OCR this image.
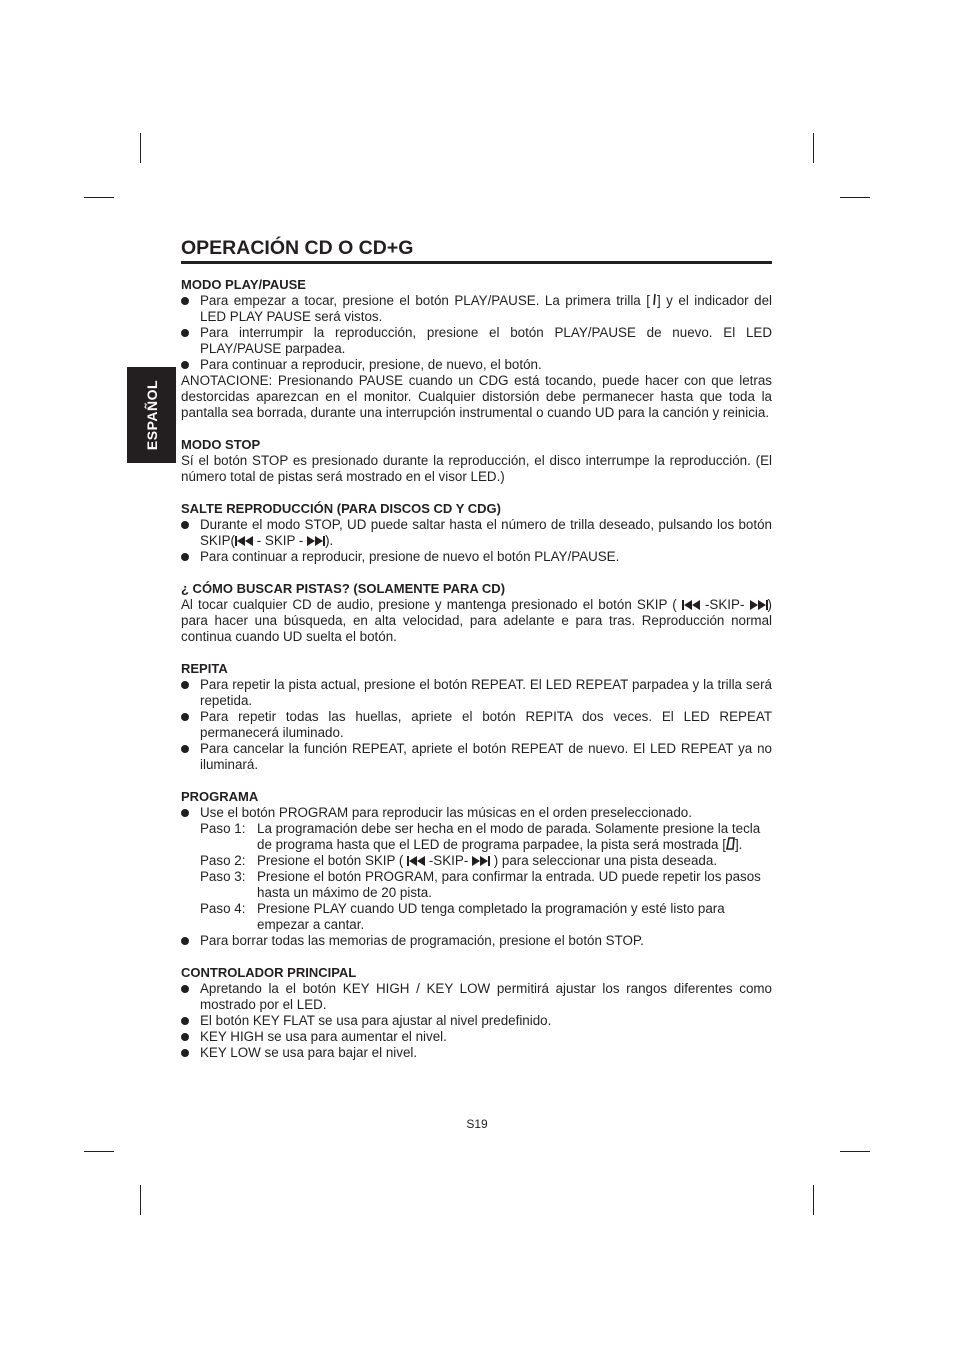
ESPAÑOL
OPERACIÓN CD O CD+G
MODO PLAY/PAUSE
Para empezar a tocar, presione el botón PLAY/PAUSE. La primera trilla [ ] y el indicador del LED PLAY PAUSE será vistos.
Para interrumpir la reproducción, presione el botón PLAY/PAUSE de nuevo. El LED PLAY/PAUSE parpadea.
Para continuar a reproducir, presione, de nuevo, el botón.

ANOTACIONE: Presionando PAUSE cuando un CDG está tocando, puede hacer con que letras destorcidas aparezcan en el monitor. Cualquier distorsión debe permanecer hasta que toda la pantalla sea borrada, durante una interrupción instrumental o cuando UD para la canción y reinicia.

MODO STOP

Sí el botón STOP es presionado durante la reproducción, el disco interrumpe la reproducción. (El número total de pistas será mostrado en el visor LED.)

SALTE REPRODUCCIÓN (PARA DISCOS CD Y CDG)
Durante el modo STOP, UD puede saltar hasta el número de trilla deseado, pulsando los botón SKIP( - SKIP - ).
Para continuar a reproducir, presione de nuevo el botón PLAY/PAUSE.
¿ CÓMO BUSCAR PISTAS? (SOLAMENTE PARA CD)

Al tocar cualquier CD de audio, presione y mantenga presionado el botón SKIP (  -SKIP- ) para hacer una búsqueda, en alta velocidad, para adelante e para tras. Reproducción normal continua cuando UD suelta el botón.

REPITA
Para repetir la pista actual, presione el botón REPEAT. El LED REPEAT parpadea y la trilla será repetida.
Para repetir todas las huellas, apriete el botón REPITA dos veces. El LED REPEAT permanecerá iluminado.
Para cancelar la función REPEAT, apriete el botón REPEAT de nuevo. El LED REPEAT ya no iluminará.
PROGRAMA
Use el botón PROGRAM para reproducir las músicas en el orden preseleccionado.
Paso 1: La programación debe ser hecha en el modo de parada. Solamente presione la tecla de programa hasta que el LED de programa parpadee, la pista será mostrada [ ].
Paso 2: Presione el botón SKIP (  -SKIP-  ) para seleccionar una pista deseada.
Paso 3: Presione el botón PROGRAM, para confirmar la entrada. UD puede repetir los pasos hasta un máximo de 20 pista.
Paso 4: Presione PLAY cuando UD tenga completado la programación y esté listo para empezar a cantar.
Para borrar todas las memorias de programación, presione el botón STOP.
CONTROLADOR PRINCIPAL
Apretando la el botón KEY HIGH / KEY LOW permitirá ajustar los rangos diferentes como mostrado por el LED.
El botón KEY FLAT se usa para ajustar al nivel predefinido.
KEY HIGH se usa para aumentar el nivel.
KEY LOW se usa para bajar el nivel.
S19
